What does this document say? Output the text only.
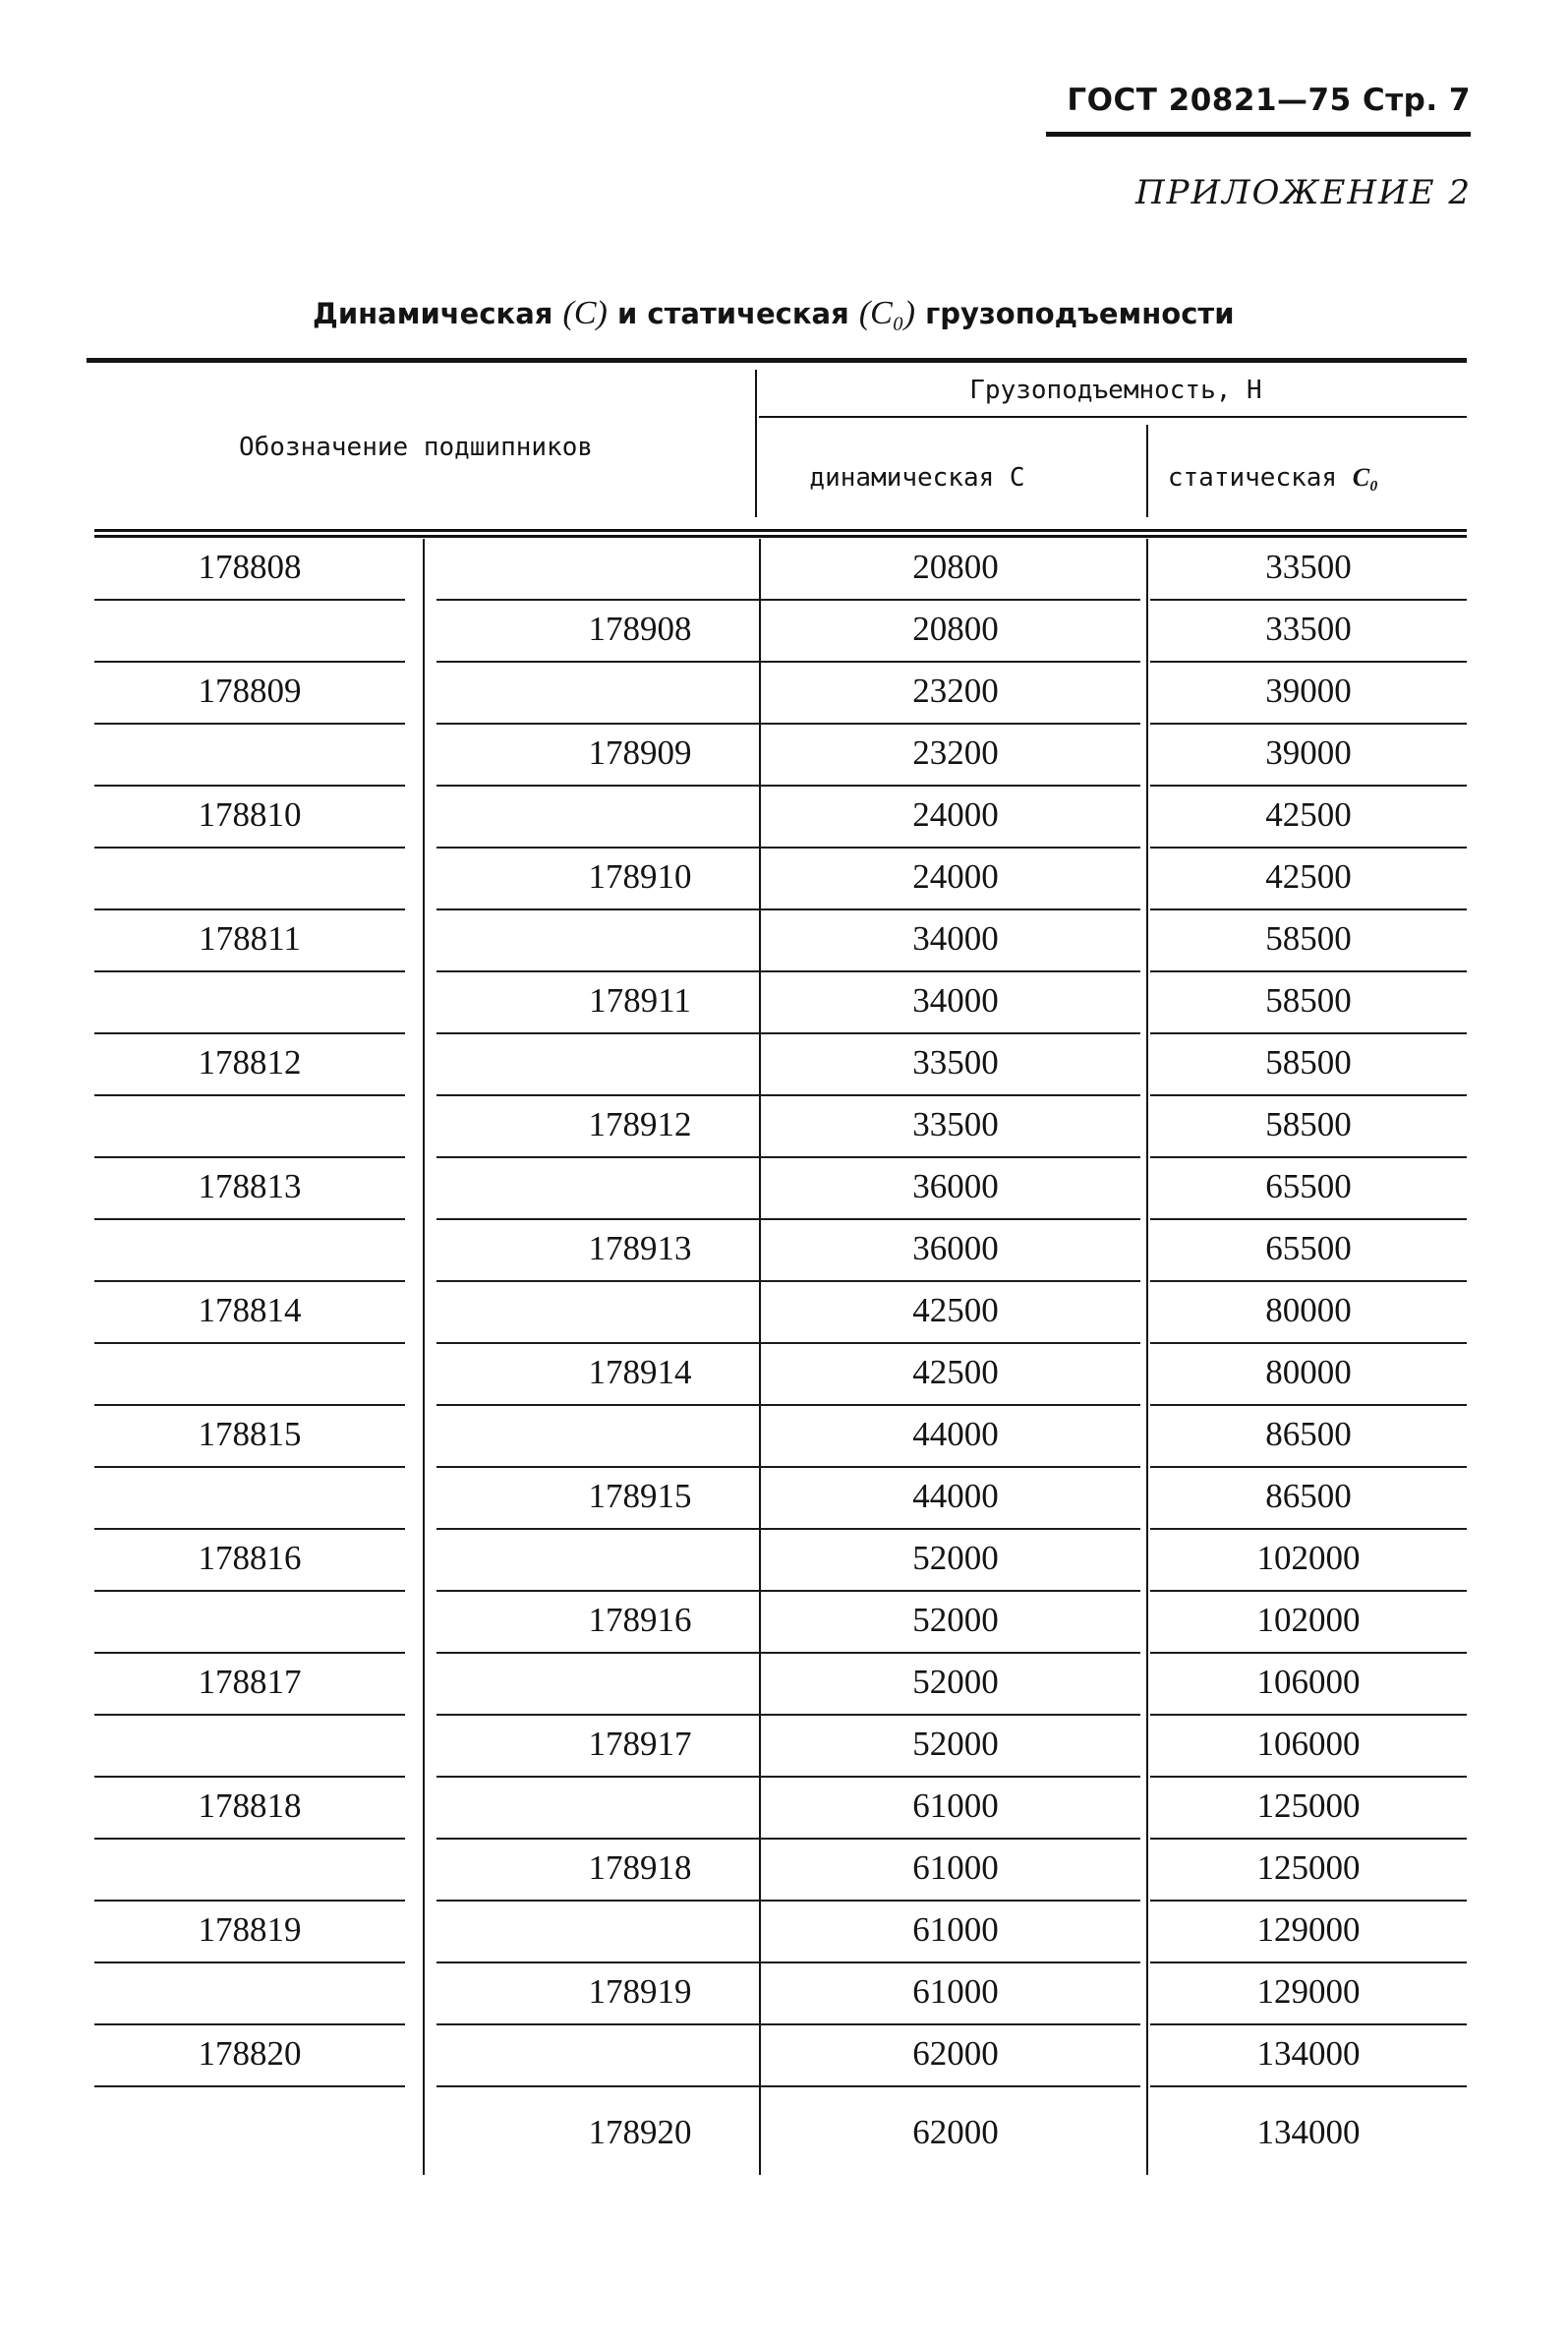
ГОСТ 20821—75 Стр. 7
ПРИЛОЖЕНИЕ 2
Динамическая (C) и статическая (C₀) грузоподъемности
Обозначение подшипников
Грузоподъемность, Н
динамическая C	статическая C₀
178808	20800	33500
178908	20800	33500
178809	23200	39000
178909	23200	39000
178810	24000	42500
178910	24000	42500
178811	34000	58500
178911	34000	58500
178812	33500	58500
178912	33500	58500
178813	36000	65500
178913	36000	65500
178814	42500	80000
178914	42500	80000
178815	44000	86500
178915	44000	86500
178816	52000	102000
178916	52000	102000
178817	52000	106000
178917	52000	106000
178818	61000	125000
178918	61000	125000
178819	61000	129000
178919	61000	129000
178820	62000	134000
178920	62000	134000
